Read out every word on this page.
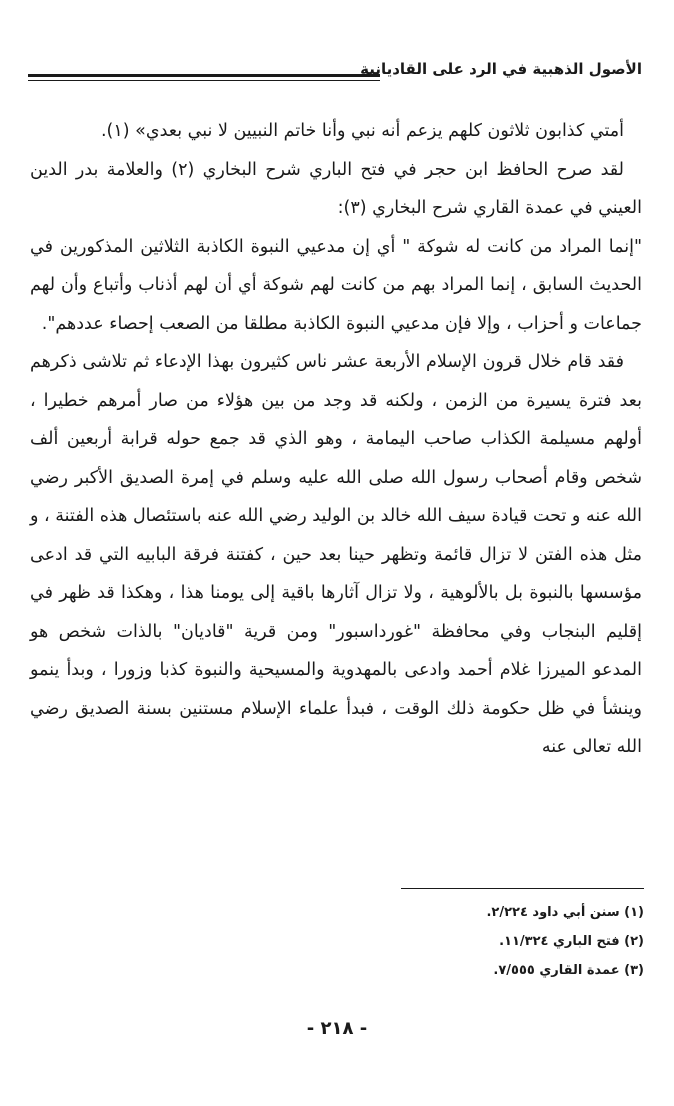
الأصول الذهبية في الرد على القاديانية

أمتي كذابون ثلاثون كلهم يزعم أنه نبي وأنا خاتم النبيين لا نبي بعدي» (١).

لقد صرح الحافظ ابن حجر في فتح الباري شرح البخاري (٢) والعلامة بدر الدين العيني في عمدة القاري شرح البخاري (٣):

"إنما المراد من كانت له شوكة " أي إن مدعيي النبوة الكاذبة الثلاثين المذكورين في الحديث السابق ، إنما المراد بهم من كانت لهم شوكة أي أن لهم أذناب وأتباع وأن لهم جماعات و أحزاب ، وإلا فإن مدعيي النبوة الكاذبة مطلقا من الصعب إحصاء عددهم".

فقد قام خلال قرون الإسلام الأربعة عشر ناس كثيرون بهذا الإدعاء ثم تلاشى ذكرهم بعد فترة يسيرة من الزمن ، ولكنه قد وجد من بين هؤلاء من صار أمرهم خطيرا ، أولهم مسيلمة الكذاب صاحب اليمامة ، وهو الذي قد جمع حوله قرابة أربعين ألف شخص وقام أصحاب رسول الله صلى الله عليه وسلم في إمرة الصديق الأكبر رضي الله عنه و تحت قيادة سيف الله خالد بن الوليد رضي الله عنه باستئصال هذه الفتنة ، و مثل هذه الفتن لا تزال قائمة وتظهر حينا بعد حين ، كفتنة فرقة البابيه التي قد ادعى مؤسسها بالنبوة بل بالألوهية ، ولا تزال آثارها باقية إلى يومنا هذا ، وهكذا قد ظهر في إقليم البنجاب وفي محافظة "غورداسبور" ومن قرية "قاديان" بالذات شخص هو المدعو الميرزا غلام أحمد وادعى بالمهدوية والمسيحية والنبوة كذبا وزورا ، وبدأ ينمو وينشأ في ظل حكومة ذلك الوقت ، فبدأ علماء الإسلام مستنين بسنة الصديق رضي الله تعالى عنه

(١) سنن أبي داود ٢/٢٢٤.

(٢) فتح الباري ١١/٣٢٤.

(٣) عمدة القاري ٧/٥٥٥.

- ٢١٨ -
